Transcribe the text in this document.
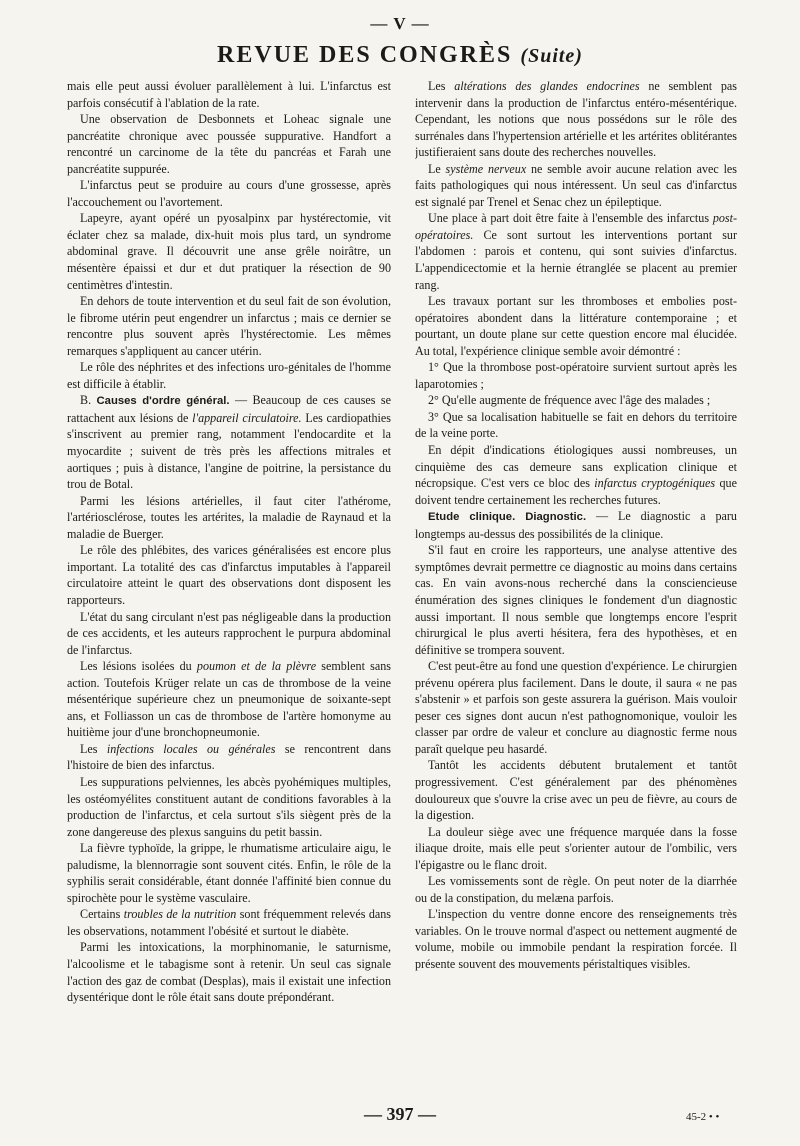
— V —
REVUE DES CONGRÈS (Suite)

mais elle peut aussi évoluer parallèlement à lui. L'infarctus est parfois consécutif à l'ablation de la rate.

Une observation de Desbonnets et Loheac signale une pancréatite chronique avec poussée suppurative. Handfort a rencontré un carcinome de la tête du pancréas et Farah une pancréatite suppurée.

L'infarctus peut se produire au cours d'une grossesse, après l'accouchement ou l'avortement.

Lapeyre, ayant opéré un pyosalpinx par hystérectomie, vit éclater chez sa malade, dix-huit mois plus tard, un syndrome abdominal grave. Il découvrit une anse grêle noirâtre, un mésentère épaissi et dur et dut pratiquer la résection de 90 centimètres d'intestin.

En dehors de toute intervention et du seul fait de son évolution, le fibrome utérin peut engendrer un infarctus ; mais ce dernier se rencontre plus souvent après l'hystérectomie. Les mêmes remarques s'appliquent au cancer utérin.

Le rôle des néphrites et des infections uro-génitales de l'homme est difficile à établir.

B. Causes d'ordre général. — Beaucoup de ces causes se rattachent aux lésions de l'appareil circulatoire. Les cardiopathies s'inscrivent au premier rang, notamment l'endocardite et la myocardite ; suivent de très près les affections mitrales et aortiques ; puis à distance, l'angine de poitrine, la persistance du trou de Botal.

Parmi les lésions artérielles, il faut citer l'athérome, l'artériosclérose, toutes les artérites, la maladie de Raynaud et la maladie de Buerger.

Le rôle des phlébites, des varices généralisées est encore plus important. La totalité des cas d'infarctus imputables à l'appareil circulatoire atteint le quart des observations dont disposent les rapporteurs.

L'état du sang circulant n'est pas négligeable dans la production de ces accidents, et les auteurs rapprochent le purpura abdominal de l'infarctus.

Les lésions isolées du poumon et de la plèvre semblent sans action. Toutefois Krüger relate un cas de thrombose de la veine mésentérique supérieure chez un pneumonique de soixante-sept ans, et Folliasson un cas de thrombose de l'artère homonyme au huitième jour d'une bronchopneumonie.

Les infections locales ou générales se rencontrent dans l'histoire de bien des infarctus.

Les suppurations pelviennes, les abcès pyohémiques multiples, les ostéomyélites constituent autant de conditions favorables à la production de l'infarctus, et cela surtout s'ils siègent près de la zone dangereuse des plexus sanguins du petit bassin.

La fièvre typhoïde, la grippe, le rhumatisme articulaire aigu, le paludisme, la blennorragie sont souvent cités. Enfin, le rôle de la syphilis serait considérable, étant donnée l'affinité bien connue du spirochète pour le système vasculaire.

Certains troubles de la nutrition sont fréquemment relevés dans les observations, notamment l'obésité et surtout le diabète.

Parmi les intoxications, la morphinomanie, le saturnisme, l'alcoolisme et le tabagisme sont à retenir. Un seul cas signale l'action des gaz de combat (Desplas), mais il existait une infection dysentérique dont le rôle était sans doute prépondérant.

Les altérations des glandes endocrines ne semblent pas intervenir dans la production de l'infarctus entéro-mésentérique. Cependant, les notions que nous possédons sur le rôle des surrénales dans l'hypertension artérielle et les artérites oblitérantes justifieraient sans doute des recherches nouvelles.

Le système nerveux ne semble avoir aucune relation avec les faits pathologiques qui nous intéressent. Un seul cas d'infarctus est signalé par Trenel et Senac chez un épileptique.

Une place à part doit être faite à l'ensemble des infarctus post-opératoires. Ce sont surtout les interventions portant sur l'abdomen : parois et contenu, qui sont suivies d'infarctus. L'appendicectomie et la hernie étranglée se placent au premier rang.

Les travaux portant sur les thromboses et embolies post-opératoires abondent dans la littérature contemporaine ; et pourtant, un doute plane sur cette question encore mal élucidée. Au total, l'expérience clinique semble avoir démontré :

1° Que la thrombose post-opératoire survient surtout après les laparotomies ;

2° Qu'elle augmente de fréquence avec l'âge des malades ;

3° Que sa localisation habituelle se fait en dehors du territoire de la veine porte.

En dépit d'indications étiologiques aussi nombreuses, un cinquième des cas demeure sans explication clinique et nécropsique. C'est vers ce bloc des infarctus cryptogéniques que doivent tendre certainement les recherches futures.

Etude clinique. Diagnostic. — Le diagnostic a paru longtemps au-dessus des possibilités de la clinique.

S'il faut en croire les rapporteurs, une analyse attentive des symptômes devrait permettre ce diagnostic au moins dans certains cas. En vain avons-nous recherché dans la consciencieuse énumération des signes cliniques le fondement d'un diagnostic aussi important. Il nous semble que longtemps encore l'esprit chirurgical le plus averti hésitera, fera des hypothèses, et en définitive se trompera souvent.

C'est peut-être au fond une question d'expérience. Le chirurgien prévenu opérera plus facilement. Dans le doute, il saura « ne pas s'abstenir » et parfois son geste assurera la guérison. Mais vouloir peser ces signes dont aucun n'est pathognomonique, vouloir les classer par ordre de valeur et conclure au diagnostic ferme nous paraît quelque peu hasardé.

Tantôt les accidents débutent brutalement et tantôt progressivement. C'est généralement par des phénomènes douloureux que s'ouvre la crise avec un peu de fièvre, au cours de la digestion.

La douleur siège avec une fréquence marquée dans la fosse iliaque droite, mais elle peut s'orienter autour de l'ombilic, vers l'épigastre ou le flanc droit.

Les vomissements sont de règle. On peut noter de la diarrhée ou de la constipation, du melæna parfois.

L'inspection du ventre donne encore des renseignements très variables. On le trouve normal d'aspect ou nettement augmenté de volume, mobile ou immobile pendant la respiration forcée. Il présente souvent des mouvements péristaltiques visibles.

— 397 —	45-2 • •
